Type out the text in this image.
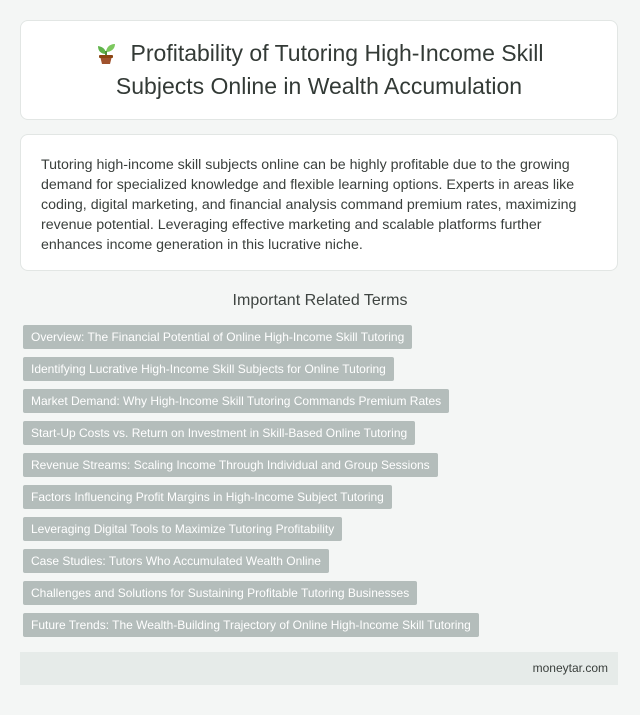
Profitability of Tutoring High-Income Skill Subjects Online in Wealth Accumulation

Tutoring high-income skill subjects online can be highly profitable due to the growing demand for specialized knowledge and flexible learning options. Experts in areas like coding, digital marketing, and financial analysis command premium rates, maximizing revenue potential. Leveraging effective marketing and scalable platforms further enhances income generation in this lucrative niche.

Important Related Terms
Overview: The Financial Potential of Online High-Income Skill Tutoring
Identifying Lucrative High-Income Skill Subjects for Online Tutoring
Market Demand: Why High-Income Skill Tutoring Commands Premium Rates
Start-Up Costs vs. Return on Investment in Skill-Based Online Tutoring
Revenue Streams: Scaling Income Through Individual and Group Sessions
Factors Influencing Profit Margins in High-Income Subject Tutoring
Leveraging Digital Tools to Maximize Tutoring Profitability
Case Studies: Tutors Who Accumulated Wealth Online
Challenges and Solutions for Sustaining Profitable Tutoring Businesses
Future Trends: The Wealth-Building Trajectory of Online High-Income Skill Tutoring
moneytar.com
